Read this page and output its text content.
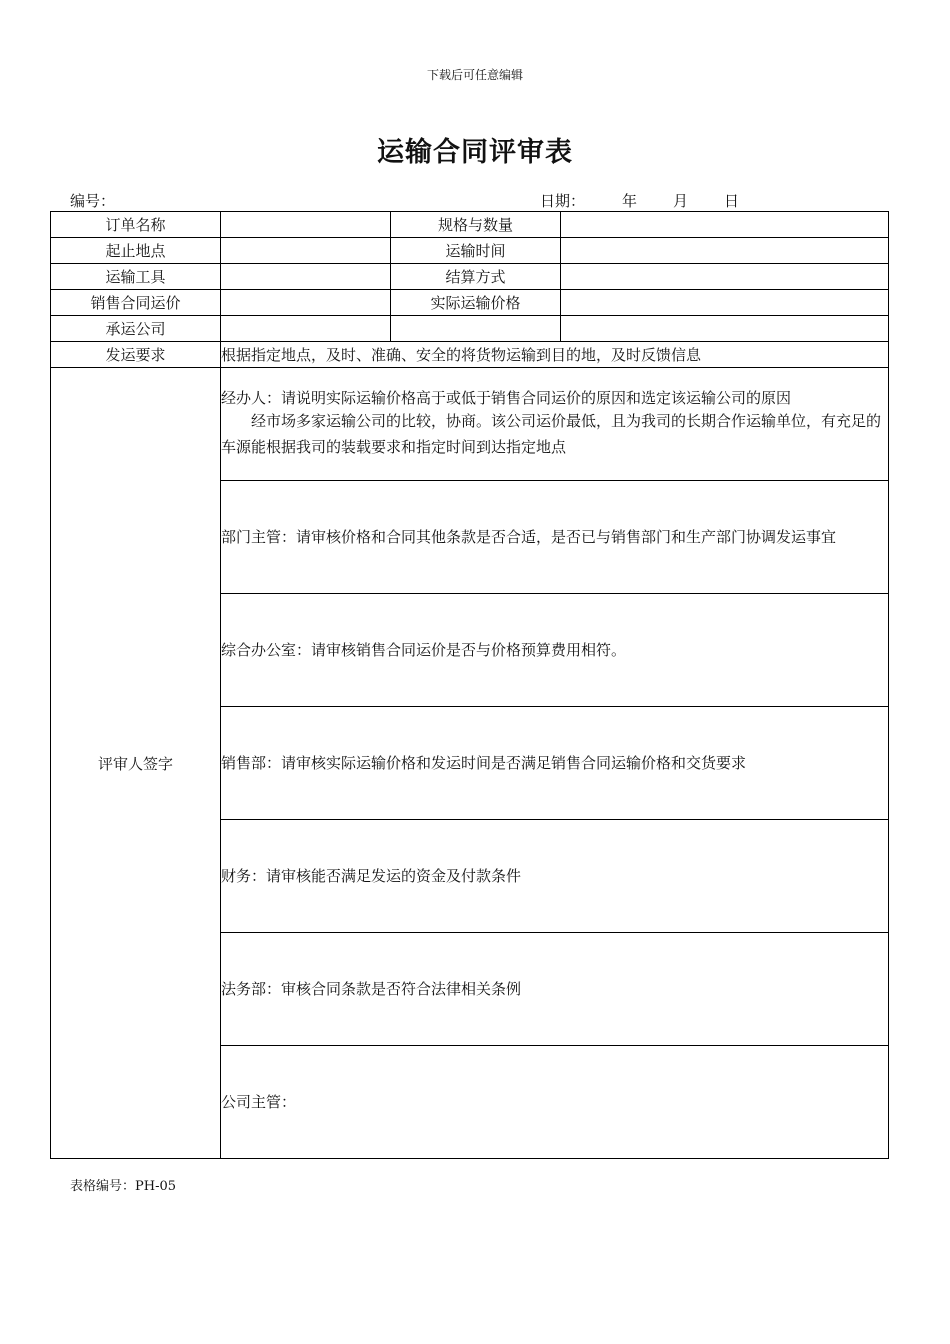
下载后可任意编辑
运输合同评审表
编号：	日期： 年 月 日
订单名称		规格与数量	
起止地点		运输时间	
运输工具		结算方式	
销售合同运价		实际运输价格	
承运公司			
发运要求	根据指定地点，及时、准确、安全的将货物运输到目的地，及时反馈信息		
评审人签字	经办人：请说明实际运输价格高于或低于销售合同运价的原因和选定该运输公司的原因
经市场多家运输公司的比较，协商。该公司运价最低，且为我司的长期合作运输单位，有充足的车源能根据我司的装载要求和指定时间到达指定地点		

	部门主管：请审核价格和合同其他条款是否合适，是否已与销售部门和生产部门协调发运事宜		

	综合办公室：请审核销售合同运价是否与价格预算费用相符。		

	销售部：请审核实际运输价格和发运时间是否满足销售合同运输价格和交货要求		

	财务：请审核能否满足发运的资金及付款条件		

	法务部：审核合同条款是否符合法律相关条例		

	公司主管：		
表格编号：PH-05
